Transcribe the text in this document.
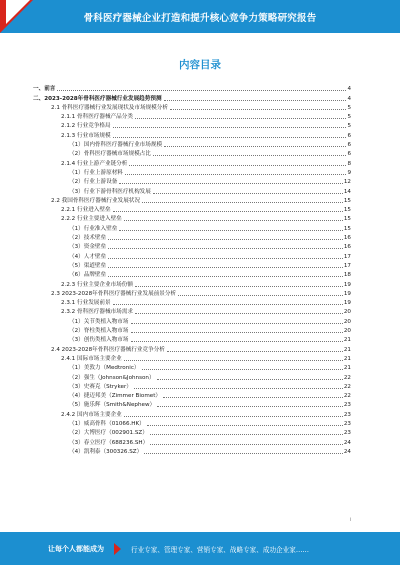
骨科医疗器械企业打造和提升核心竞争力策略研究报告
内容目录
一、前言	4
二、2023-2028年骨科医疗器械行业发展趋势预测	4
2.1 骨科医疗器械行业发展现状及市场规模分析	5
2.1.1 骨科医疗器械产品分类	5
2.1.2 行业竞争格局	5
2.1.3 行业市场规模	6
（1）国内骨科医疗器械行业市场规模	6
（2）骨科医疗器械市场规模占比	6
2.1.4 行业上游产业链分析	8
（1）行业上游原材料	9
（2）行业上游设备	12
（3）行业下游骨科医疗机构发展	14
2.2 我国骨科医疗器械行业发展状况	15
2.2.1 行业进入壁垒	15
2.2.2 行业主要进入壁垒	15
（1）行业准入壁垒	15
（2）技术壁垒	16
（3）资金壁垒	16
（4）人才壁垒	17
（5）渠道壁垒	17
（6）品牌壁垒	18
2.2.3 行业主要企业市场份额	19
2.3 2023-2028年骨科医疗器械行业发展前景分析	19
2.3.1 行业发展前景	19
2.3.2 骨科医疗器械市场需求	20
（1）关节类植入物市场	20
（2）脊柱类植入物市场	20
（3）创伤类植入物市场	21
2.4 2023-2028年骨科医疗器械行业竞争分析	21
2.4.1 国际市场主要企业	21
（1）美敦力（Medtronic）	21
（2）强生（Johnson&Johnson）	22
（3）史赛克（Stryker）	22
（4）捷迈邦美（Zimmer Biomet）	22
（5）施乐辉（Smith&Nephew）	23
2.4.2 国内市场主要企业	23
（1）威高骨科（01066.HK）	23
（2）大博医疗（002901.SZ）	23
（3）春立医疗（688236.SH）	24
（4）凯利泰（300326.SZ）	24
I
让每个人都能成为	行业专家、管理专家、营销专家、战略专家、成功企业家……
